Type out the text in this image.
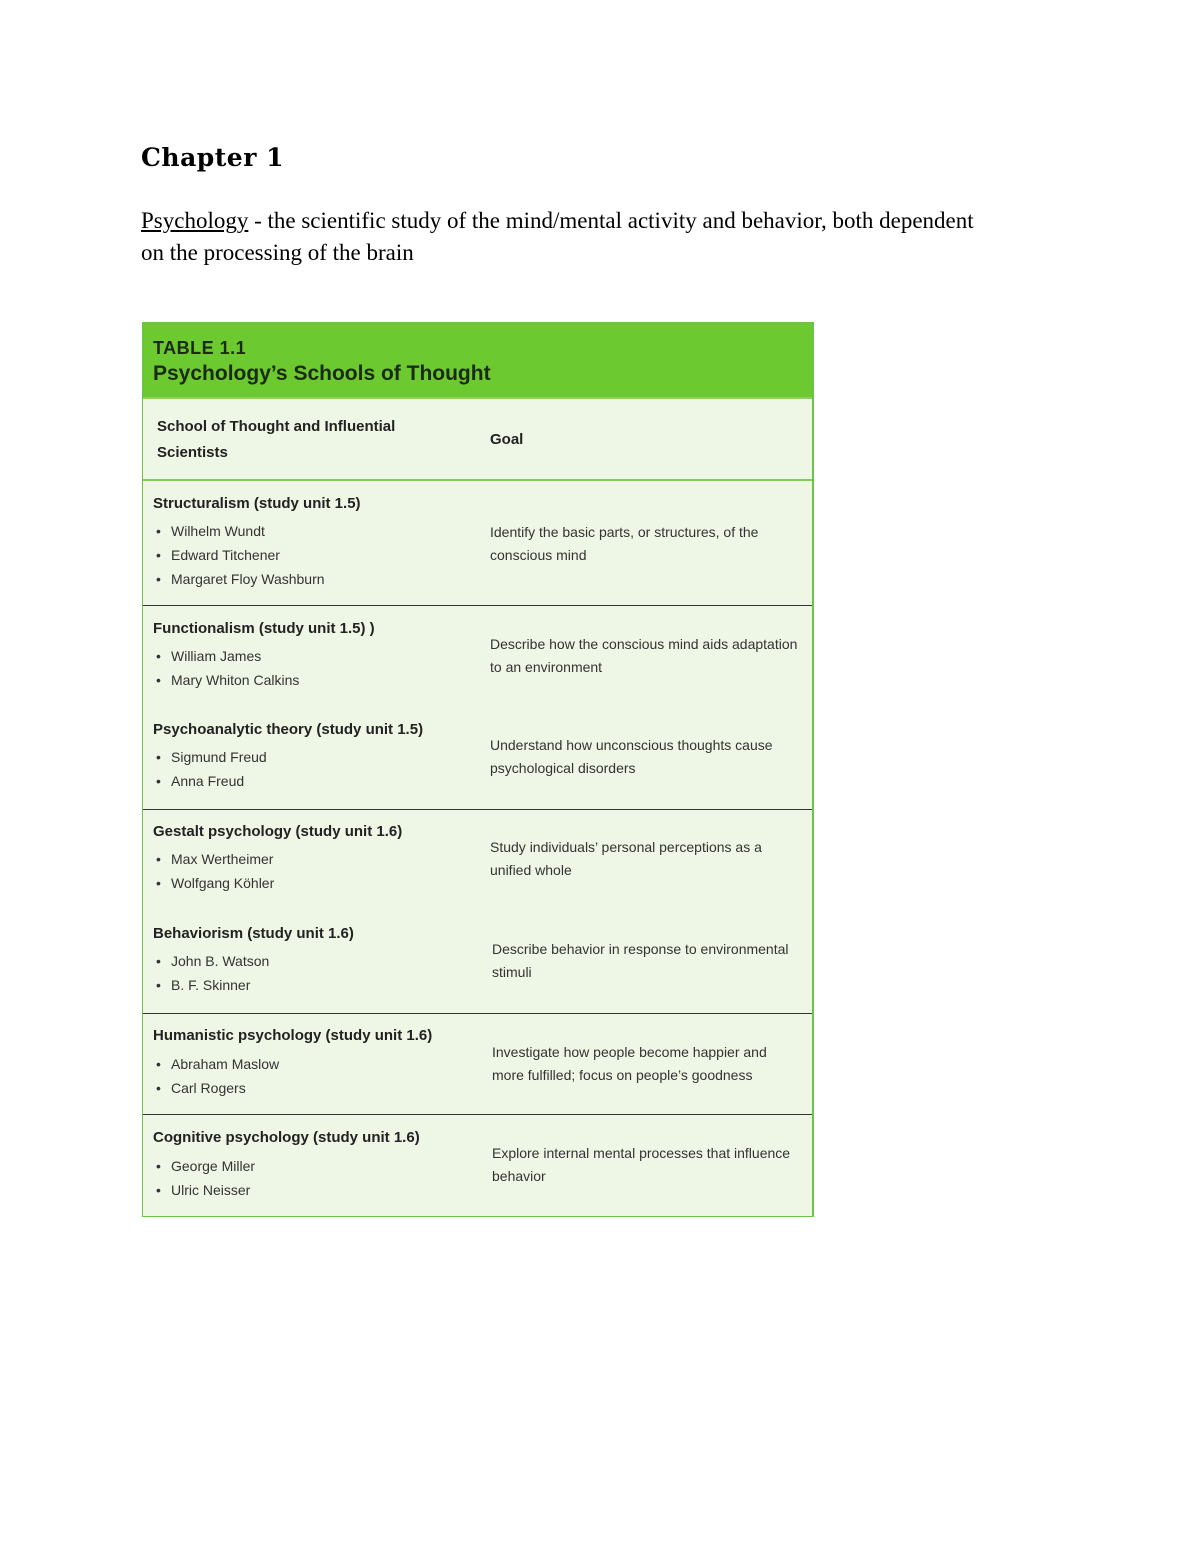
Chapter 1

Psychology - the scientific study of the mind/mental activity and behavior, both dependent on the processing of the brain

TABLE 1.1
Psychology’s Schools of Thought
School of Thought and Influential Scientists
Goal
Structuralism (study unit 1.5)
• Wilhelm Wundt
• Edward Titchener
• Margaret Floy Washburn
Identify the basic parts, or structures, of the conscious mind
Functionalism (study unit 1.5) )
• William James
• Mary Whiton Calkins
Describe how the conscious mind aids adaptation to an environment
Psychoanalytic theory (study unit 1.5)
• Sigmund Freud
• Anna Freud
Understand how unconscious thoughts cause psychological disorders
Gestalt psychology (study unit 1.6)
• Max Wertheimer
• Wolfgang Köhler
Study individuals’ personal perceptions as a unified whole
Behaviorism (study unit 1.6)
• John B. Watson
• B. F. Skinner
Describe behavior in response to environmental stimuli
Humanistic psychology (study unit 1.6)
• Abraham Maslow
• Carl Rogers
Investigate how people become happier and more fulfilled; focus on people’s goodness
Cognitive psychology (study unit 1.6)
• George Miller
• Ulric Neisser
Explore internal mental processes that influence behavior
